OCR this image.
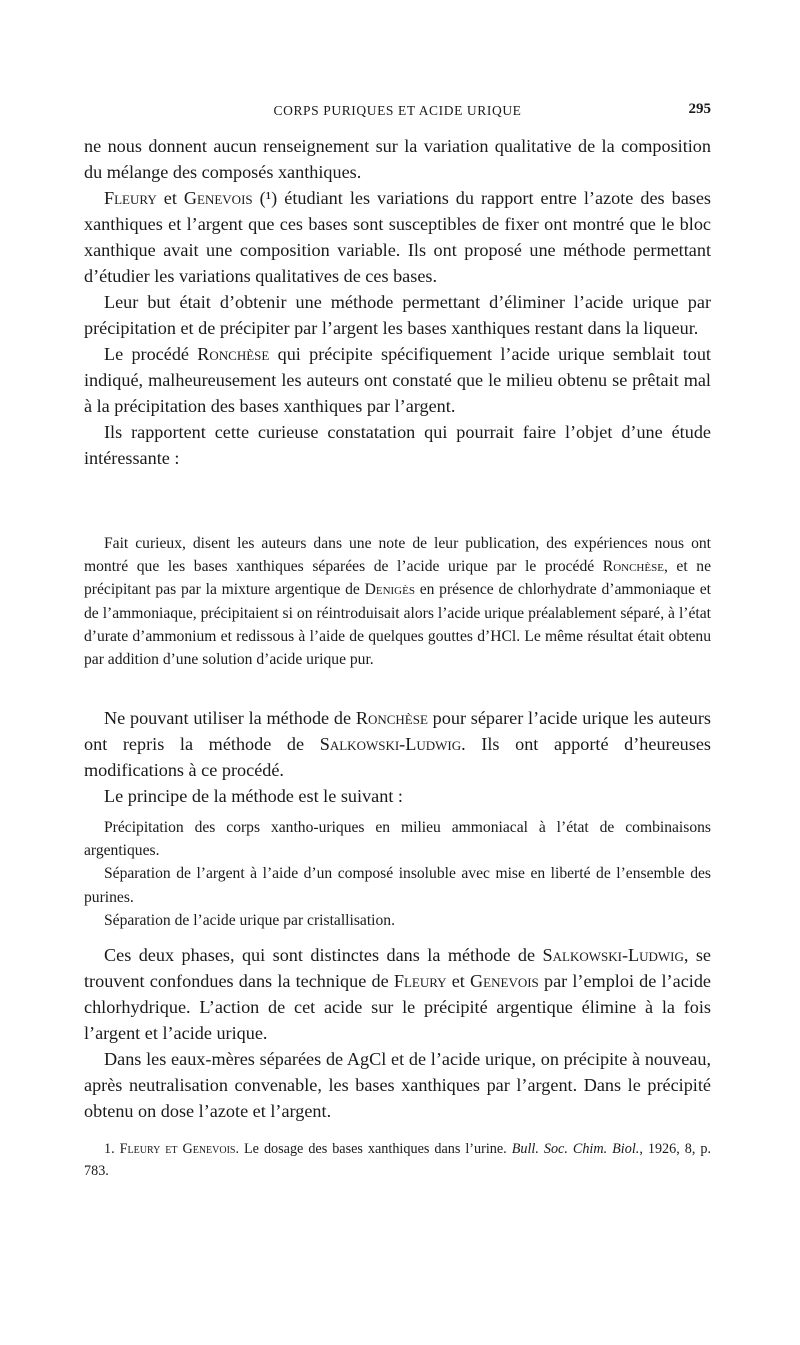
CORPS PURIQUES ET ACIDE URIQUE	295

ne nous donnent aucun renseignement sur la variation qualitative de la composition du mélange des composés xanthiques.

Fleury et Genevois (¹) étudiant les variations du rapport entre l’azote des bases xanthiques et l’argent que ces bases sont susceptibles de fixer ont montré que le bloc xanthique avait une composition variable. Ils ont proposé une méthode permettant d’étudier les variations qualitatives de ces bases.

Leur but était d’obtenir une méthode permettant d’éliminer l’acide urique par précipitation et de précipiter par l’argent les bases xanthiques restant dans la liqueur.

Le procédé Ronchèse qui précipite spécifiquement l’acide urique semblait tout indiqué, malheureusement les auteurs ont constaté que le milieu obtenu se prêtait mal à la précipitation des bases xanthiques par l’argent.

Ils rapportent cette curieuse constatation qui pourrait faire l’objet d’une étude intéressante :

Fait curieux, disent les auteurs dans une note de leur publication, des expériences nous ont montré que les bases xanthiques séparées de l’acide urique par le procédé Ronchèse, et ne précipitant pas par la mixture argentique de Denigès en présence de chlorhydrate d’ammoniaque et de l’ammoniaque, précipitaient si on réintroduisait alors l’acide urique préalablement séparé, à l’état d’urate d’ammonium et redissous à l’aide de quelques gouttes d’HCl. Le même résultat était obtenu par addition d’une solution d’acide urique pur.

Ne pouvant utiliser la méthode de Ronchèse pour séparer l’acide urique les auteurs ont repris la méthode de Salkowski-Ludwig. Ils ont apporté d’heureuses modifications à ce procédé.

Le principe de la méthode est le suivant :

Précipitation des corps xantho-uriques en milieu ammoniacal à l’état de combinaisons argentiques.

Séparation de l’argent à l’aide d’un composé insoluble avec mise en liberté de l’ensemble des purines.

Séparation de l’acide urique par cristallisation.

Ces deux phases, qui sont distinctes dans la méthode de Salkowski-Ludwig, se trouvent confondues dans la technique de Fleury et Genevois par l’emploi de l’acide chlorhydrique. L’action de cet acide sur le précipité argentique élimine à la fois l’argent et l’acide urique.

Dans les eaux-mères séparées de AgCl et de l’acide urique, on précipite à nouveau, après neutralisation convenable, les bases xanthiques par l’argent. Dans le précipité obtenu on dose l’azote et l’argent.

1. Fleury et Genevois. Le dosage des bases xanthiques dans l’urine. Bull. Soc. Chim. Biol., 1926, 8, p. 783.
